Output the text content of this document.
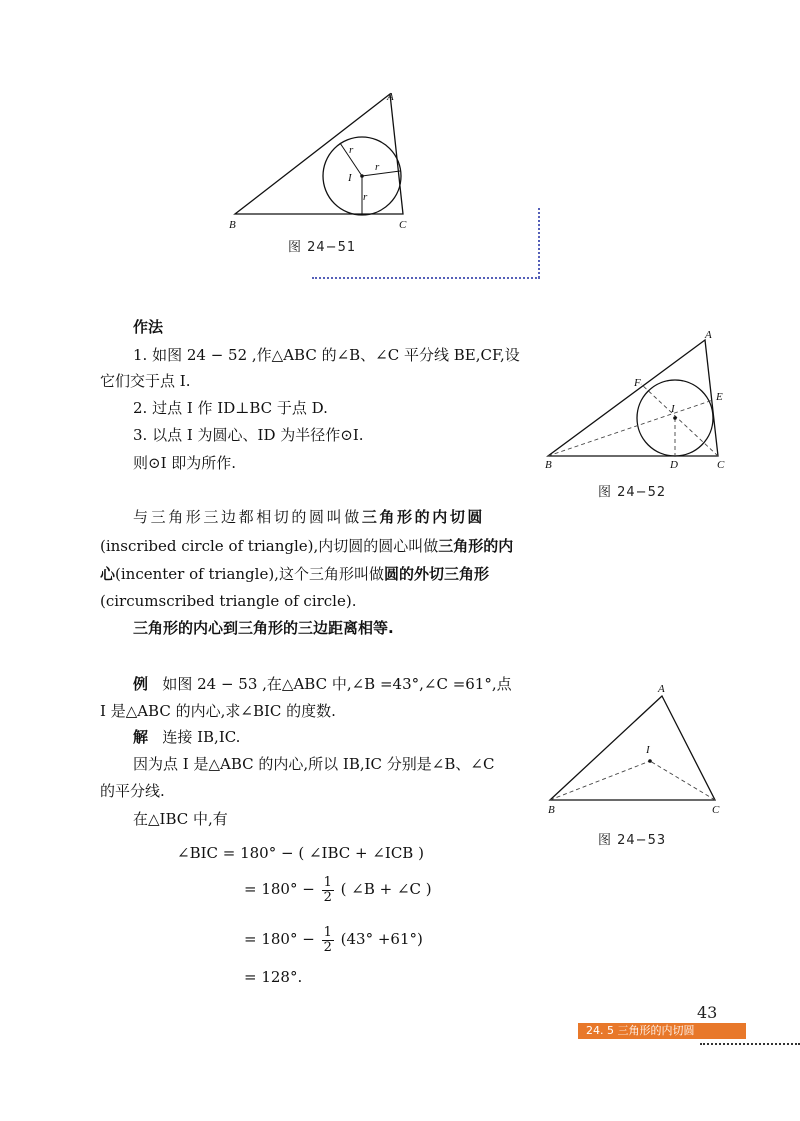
A
B	C
I
r
r
r
图 24−51
作法
1. 如图 24 − 52 ,作△ABC 的∠B、∠C 平分线 BE,CF,设
它们交于点 I.
2. 过点 I 作 ID⊥BC 于点 D.
3. 以点 I 为圆心、ID 为半径作⊙I.
则⊙I 即为所作.
A
B	C
D
E
F
I
图 24−52
与三角形三边都相切的圆叫做三角形的内切圆
(inscribed circle of triangle),内切圆的圆心叫做三角形的内
心(incenter of triangle),这个三角形叫做圆的外切三角形
(circumscribed triangle of circle).
三角形的内心到三角形的三边距离相等.
例 如图 24 − 53 ,在△ABC 中,∠B =43°,∠C =61°,点
I 是△ABC 的内心,求∠BIC 的度数.
解 连接 IB,IC.
因为点 I 是△ABC 的内心,所以 IB,IC 分别是∠B、∠C
的平分线.
在△IBC 中,有
∠BIC = 180° − ( ∠IBC + ∠ICB )
= $180^\circ - \frac{1}{2}$ ( ∠B + ∠C )
= $180^\circ - \frac{1}{2} (43^\circ +61^\circ)$
= 128°.
A
B	C
I
图 24−53
43
24. 5 三角形的内切圆
